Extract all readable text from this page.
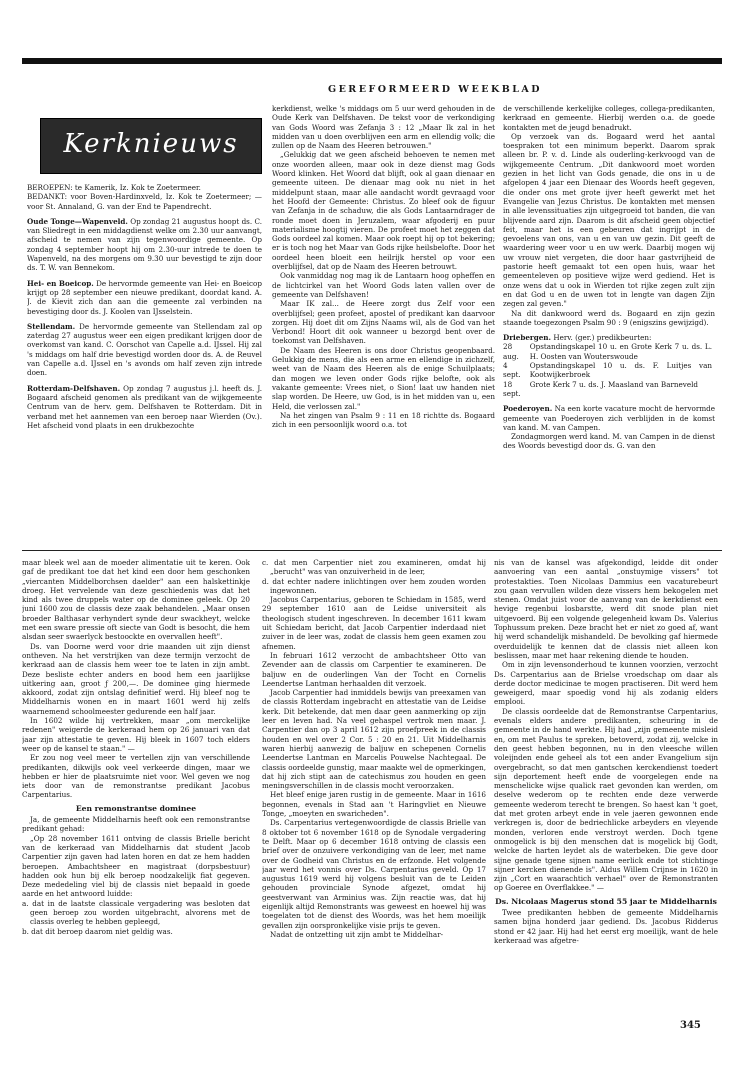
GEREFORMEERD WEEKBLAD
Kerknieuws

BEROEPEN: te Kamerik, Iz. Kok te Zoetermeer.

BEDANKT: voor Boven-Hardinxveld, Iz. Kok te Zoetermeer; — voor St. Annaland, G. van der End te Papendrecht.

Oude Tonge—Wapenveld. Op zondag 21 augustus hoopt ds. C. van Sliedregt in een middagdienst welke om 2.30 uur aanvangt, afscheid te nemen van zijn tegenwoordige gemeente. Op zondag 4 september hoopt hij om 2.30-uur intrede te doen te Wapenveld, na des morgens om 9.30 uur bevestigd te zijn door ds. T. W. van Bennekom.

Hei- en Boeicop. De hervormde gemeente van Hei- en Boeicop krijgt op 28 september een nieuwe predikant, doordat kand. A. J. de Kievit zich dan aan die gemeente zal verbinden na bevestiging door ds. J. Koolen van IJsselstein.

Stellendam. De hervormde gemeente van Stellendam zal op zaterdag 27 augustus weer een eigen predikant krijgen door de overkomst van kand. C. Oorschot van Capelle a.d. IJssel. Hij zal 's middags om half drie bevestigd worden door ds. A. de Reuvel van Capelle a.d. IJssel en 's avonds om half zeven zijn intrede doen.

Rotterdam-Delfshaven. Op zondag 7 augustus j.l. heeft ds. J. Bogaard afscheid genomen als predikant van de wijkgemeente Centrum van de herv. gem. Delfshaven te Rotterdam. Dit in verband met het aannemen van een beroep naar Wierden (Ov.). Het afscheid vond plaats in een drukbezochte

kerkdienst, welke 's middags om 5 uur werd gehouden in de Oude Kerk van Delfshaven. De tekst voor de verkondiging van Gods Woord was Zefanja 3 : 12 „Maar Ik zal in het midden van u doen overblijven een arm en ellendig volk; die zullen op de Naam des Heeren betrouwen."

„Gelukkig dat we geen afscheid behoeven te nemen met onze woorden alleen, maar ook in deze dienst mag Gods Woord klinken. Het Woord dat blijft, ook al gaan dienaar en gemeente uiteen. De dienaar mag ook nu niet in het middelpunt staan, maar alle aandacht wordt gevraagd voor het Hoofd der Gemeente: Christus. Zo bleef ook de figuur van Zefanja in de schaduw, die als Gods Lantaarndrager de ronde moet doen in Jeruzalem, waar afgoderij en puur materialisme hoogtij vieren. De profeet moet het zeggen dat Gods oordeel zal komen. Maar ook roept hij op tot bekering; er is toch nog het Maar van Gods rijke heilsbelofte. Door het oordeel heen bloeit een heilrijk herstel op voor een overblijfsel, dat op de Naam des Heeren betrouwt.

Ook vanmiddag nog mag ik de Lantaarn hoog opheffen en de lichtcirkel van het Woord Gods laten vallen over de gemeente van Delfshaven!

Maar IK zal... de Heere zorgt dus Zelf voor een overblijfsel; geen profeet, apostel of predikant kan daarvoor zorgen. Hij doet dit om Zijns Naams wil, als de God van het Verbond! Hoort dit ook wanneer u bezorgd bent over de toekomst van Delfshaven.

De Naam des Heeren is ons door Christus geopenbaard. Gelukkig de mens, die als een arme en ellendige in zichzelf, weet van de Naam des Heeren als de enige Schuilplaats; dan mogen we leven onder Gods rijke belofte, ook als vakante gemeente: Vrees niet, o Sion! laat uw handen niet slap worden. De Heere, uw God, is in het midden van u, een Held, die verlossen zal."

Na het zingen van Psalm 9 : 11 en 18 richtte ds. Bogaard zich in een persoonlijk woord o.a. tot

de verschillende kerkelijke colleges, collega-predikanten, kerkraad en gemeente. Hierbij werden o.a. de goede kontakten met de jeugd benadrukt.

Op verzoek van ds. Bogaard werd het aantal toespraken tot een minimum beperkt. Daarom sprak alleen br. P. v. d. Linde als ouderling-kerkvoogd van de wijkgemeente Centrum. „Dit dankwoord moet worden gezien in het licht van Gods genade, die ons in u de afgelopen 4 jaar een Dienaar des Woords heeft gegeven, die onder ons met grote ijver heeft gewerkt met het Evangelie van Jezus Christus. De kontakten met mensen in alle levenssituaties zijn uitgegroeid tot banden, die van blijvende aard zijn. Daarom is dit afscheid geen objectief feit, maar het is een gebeuren dat ingrijpt in de gevoelens van ons, van u en van uw gezin. Dit geeft de waardering weer voor u en uw werk. Daarbij mogen wij uw vrouw niet vergeten, die door haar gastvrijheid de pastorie heeft gemaakt tot een open huis, waar het gemeenteleven op positieve wijze werd gediend. Het is onze wens dat u ook in Wierden tot rijke zegen zult zijn en dat God u en de uwen tot in lengte van dagen Zijn zegen zal geven."

Na dit dankwoord werd ds. Bogaard en zijn gezin staande toegezongen Psalm 90 : 9 (enigszins gewijzigd).

Driebergen. Herv. (ger.) predikbeurten:

28 aug.	Opstandingskapel 10 u. en Grote Kerk 7 u. ds. L. H. Oosten van Wouterswoude
4 sept.	Opstandingskapel 10 u. ds. F. Luitjes van Kootwijkerbroek
18 sept.	Grote Kerk 7 u. ds. J. Maasland van Barneveld

Poederoyen. Na een korte vacature mocht de hervormde gemeente van Poederoyen zich verblijden in de komst van kand. M. van Campen.

Zondagmorgen werd kand. M. van Campen in de dienst des Woords bevestigd door ds. G. van den

maar bleek wel aan de moeder alimentatie uit te keren. Ook gaf de predikant toe dat het kind een door hem geschonken „viercanten Middelborchsen daelder" aan een halskettinkje droeg. Het vervelende van deze geschiedenis was dat het kind als twee druppels water op de dominee geleek. Op 20 juni 1600 zou de classis deze zaak behandelen. „Maar onsen broeder Balthasar verhyndert synde deur swackheyt, welcke met een sware pressie oft siecte van Godt is besocht, die hem alsdan seer swaerlyck bestoockte en overvallen heeft".

Ds. van Doorne werd voor drie maanden uit zijn dienst ontheven. Na het verstrijken van deze termijn verzocht de kerkraad aan de classis hem weer toe te laten in zijn ambt. Deze besliste echter anders en bood hem een jaarlijkse uitkering aan, groot ƒ 200,—. De dominee ging hiermede akkoord, zodat zijn ontslag definitief werd. Hij bleef nog te Middelharnis wonen en in maart 1601 werd hij zelfs waarnemend schoolmeester gedurende een half jaar.

In 1602 wilde hij vertrekken, maar „om merckelijke redenen" weigerde de kerkeraad hem op 26 januari van dat jaar zijn attestatie te geven. Hij bleek in 1607 toch elders weer op de kansel te staan." —

Er zou nog veel meer te vertellen zijn van verschillende predikanten, dikwijls ook veel verkeerde dingen, maar we hebben er hier de plaatsruimte niet voor. Wel geven we nog iets door van de remonstrantse predikant Jacobus Carpentarius.

Een remonstrantse dominee

Ja, de gemeente Middelharnis heeft ook een remonstrantse predikant gehad:

„Op 28 november 1611 ontving de classis Brielle bericht van de kerkeraad van Middelharnis dat student Jacob Carpentier zijn gaven had laten horen en dat ze hem hadden beroepen. Ambachtsheer en magistraat (dorpsbestuur) hadden ook hun bij elk beroep noodzakelijk fiat gegeven. Deze mededeling viel bij de classis niet bepaald in goede aarde en het antwoord luidde:

a. dat in de laatste classicale vergadering was besloten dat geen beroep zou worden uitgebracht, alvorens met de classis overleg te hebben gepleegd,

b. dat dit beroep daarom niet geldig was.

c. dat men Carpentier niet zou examineren, omdat hij „berucht" was van onzuiverheid in de leer,

d. dat echter nadere inlichtingen over hem zouden worden ingewonnen.

Jacobus Carpentarius, geboren te Schiedam in 1585, werd 29 september 1610 aan de Leidse universiteit als theologisch student ingeschreven. In december 1611 kwam uit Schiedam bericht, dat Jacob Carpentier inderdaad niet zuiver in de leer was, zodat de classis hem geen examen zou afnemen.

In februari 1612 verzocht de ambachtsheer Otto van Zevender aan de classis om Carpentier te examineren. De baljuw en de ouderlingen Van der Tocht en Cornelis Leendertse Lantman herhaalden dit verzoek.

Jacob Carpentier had inmiddels bewijs van preexamen van de classis Rotterdam ingebracht en attestatie van de Leidse kerk. Dit betekende, dat men daar geen aanmerking op zijn leer en leven had. Na veel gehaspel vertrok men maar. J. Carpentier dan op 3 april 1612 zijn proefpreek in de classis houden en wel over 2 Cor. 5 : 20 en 21. Uit Middelharnis waren hierbij aanwezig de baljuw en schepenen Cornelis Leendertse Lantman en Marcelis Pouwelse Nachtegaal. De classis oordeelde gunstig, maar maakte wel de opmerkingen, dat hij zich stipt aan de catechismus zou houden en geen meningsverschillen in de classis mocht veroorzaken.

Het bleef enige jaren rustig in de gemeente. Maar in 1616 begonnen, evenals in Stad aan 't Haringvliet en Nieuwe Tonge, „moeyten en swaricheden".

Ds. Carpentarius vertegenwoordigde de classis Brielle van 8 oktober tot 6 november 1618 op de Synodale vergadering te Delft. Maar op 6 december 1618 ontving de classis een brief over de onzuivere verkondiging van de leer, met name over de Godheid van Christus en de erfzonde. Het volgende jaar werd het vonnis over Ds. Carpentarius geveld. Op 17 augustus 1619 werd hij volgens besluit van de te Leiden gehouden provinciale Synode afgezet, omdat hij geestverwant van Arminius was. Zijn reactie was, dat hij eigenlijk altijd Remonstrants was geweest en hoewel hij was toegelaten tot de dienst des Woords, was het hem moeilijk gevallen zijn oorspronkelijke visie prijs te geven.

Nadat de ontzetting uit zijn ambt te Middelhar-

nis van de kansel was afgekondigd, leidde dit onder aanvoering van een aantal „onstuymige vissers" tot protestakties. Toen Nicolaas Dammius een vacaturebeurt zou gaan vervullen wilden deze vissers hem bekogelen met stenen. Omdat juist voor de aanvang van de kerkdienst een hevige regenbui losbarstte, werd dit snode plan niet uitgevoerd. Bij een volgende gelegenheid kwam Ds. Valerius Tophussum preken. Deze bracht het er niet zo goed af, want hij werd schandelijk mishandeld. De bevolking gaf hiermede overduidelijk te kennen dat de classis niet alleen kon beslissen, maar met haar rekening diende te houden.

Om in zijn levensonderhoud te kunnen voorzien, verzocht Ds. Carpentarius aan de Brielse vroedschap om daar als derde doctor medicinae te mogen practiseren. Dit werd hem geweigerd, maar spoedig vond hij als zodanig elders emplooi.

De classis oordeelde dat de Remonstrantse Carpentarius, evenals elders andere predikanten, scheuring in de gemeente in de hand werkte. Hij had „zijn gemeente misleid en, om met Paulus te spreken, betoverd, zodat zij, welcke in den geest hebben begonnen, nu in den vleesche willen voleijnden ende geheel als tot een ander Evangelium sijn overgebracht, so dat men gantschen kerckendienst toedert sijn deportement heeft ende de voorgelegen ende na menschelicke wijse qualick raet gevonden kan werden, om deselve wederom op te rechten ende deze verwerde gemeente wederom terecht te brengen. So haest kan 't goet, dat met groten arbeyt ende in vele jaeren gewonnen ende verkregen is, door de bedriechlicke arbeyders en vleyende monden, verloren ende verstroyt werden. Doch tgene onmogelick is bij den menschen dat is mogelick bij Godt, welcke de harten leydet als de waterbeken. Die geve door sijne genade tgene sijnen name eerlick ende tot stichtinge sijner kercken dienende is". Aldus Willem Crijnse in 1620 in zijn „Cort en waarachtich verhael" over de Remonstranten op Goeree en Overflakkee." —

Ds. Nicolaas Magerus stond 55 jaar te Middelharnis

Twee predikanten hebben de gemeente Middelharnis samen bijna honderd jaar gediend. Ds. Jacobus Ridderus stond er 42 jaar. Hij had het eerst erg moeilijk, want de hele kerkeraad was afgetre-

345
